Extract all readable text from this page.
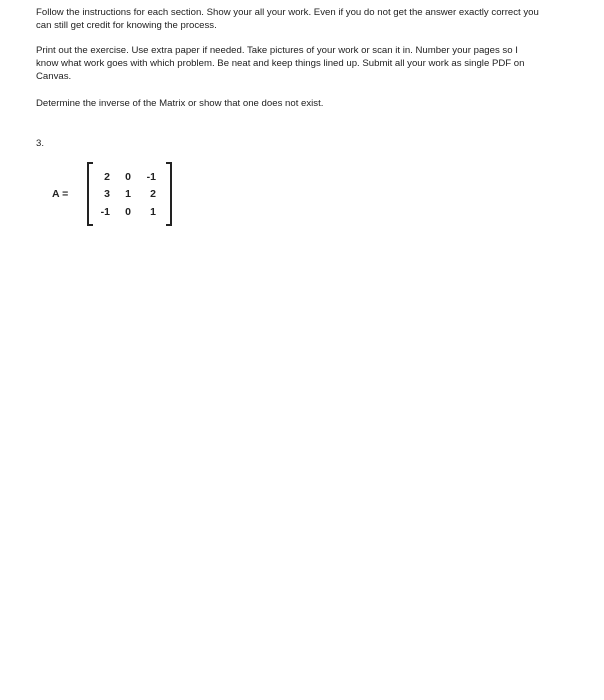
Follow the instructions for each section. Show your all your work. Even if you do not get the answer exactly correct you
can still get credit for knowing the process.

Print out the exercise. Use extra paper if needed. Take pictures of your work or scan it in. Number your pages so I
know what work goes with which problem. Be neat and keep things lined up. Submit all your work as single PDF on
Canvas.

Determine the inverse of the Matrix or show that one does not exist.

3.
A =
2	0	-1
3	1	2
-1	0	1
